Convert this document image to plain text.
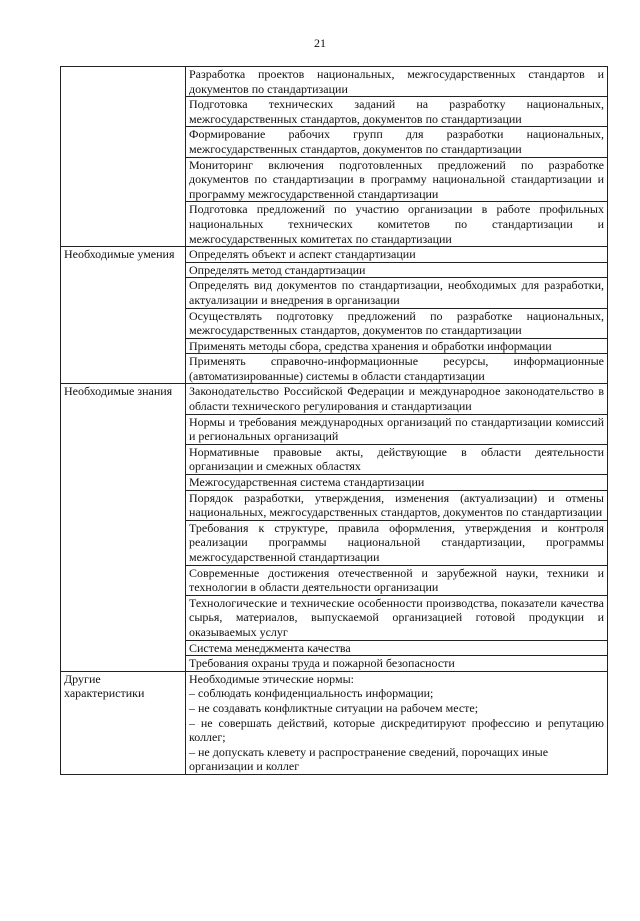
21
	Разработка проектов национальных, межгосударственных стандартов и документов по стандартизации
	Подготовка технических заданий на разработку национальных, межгосударственных стандартов, документов по стандартизации
	Формирование рабочих групп для разработки национальных, межгосударственных стандартов, документов по стандартизации
	Мониторинг включения подготовленных предложений по разработке документов по стандартизации в программу национальной стандартизации и программу межгосударственной стандартизации
	Подготовка предложений по участию организации в работе профильных национальных технических комитетов по стандартизации и межгосударственных комитетах по стандартизации
Необходимые умения	Определять объект и аспект стандартизации
	Определять метод стандартизации
	Определять вид документов по стандартизации, необходимых для разработки, актуализации и внедрения в организации
	Осуществлять подготовку предложений по разработке национальных, межгосударственных стандартов, документов по стандартизации
	Применять методы сбора, средства хранения и обработки информации
	Применять справочно-информационные ресурсы, информационные (автоматизированные) системы в области стандартизации
Необходимые знания	Законодательство Российской Федерации и международное законодательство в области технического регулирования и стандартизации
	Нормы и требования международных организаций по стандартизации комиссий и региональных организаций
	Нормативные правовые акты, действующие в области деятельности организации и смежных областях
	Межгосударственная система стандартизации
	Порядок разработки, утверждения, изменения (актуализации) и отмены национальных, межгосударственных стандартов, документов по стандартизации
	Требования к структуре, правила оформления, утверждения и контроля реализации программы национальной стандартизации, программы межгосударственной стандартизации
	Современные достижения отечественной и зарубежной науки, техники и технологии в области деятельности организации
	Технологические и технические особенности производства, показатели качества сырья, материалов, выпускаемой организацией готовой продукции и оказываемых услуг
	Система менеджмента качества
	Требования охраны труда и пожарной безопасности
Другие характеристики	Необходимые этические нормы:
– соблюдать конфиденциальность информации;
– не создавать конфликтные ситуации на рабочем месте;
– не совершать действий, которые дискредитируют профессию и репутацию коллег;
– не допускать клевету и распространение сведений, порочащих иные организации и коллег
